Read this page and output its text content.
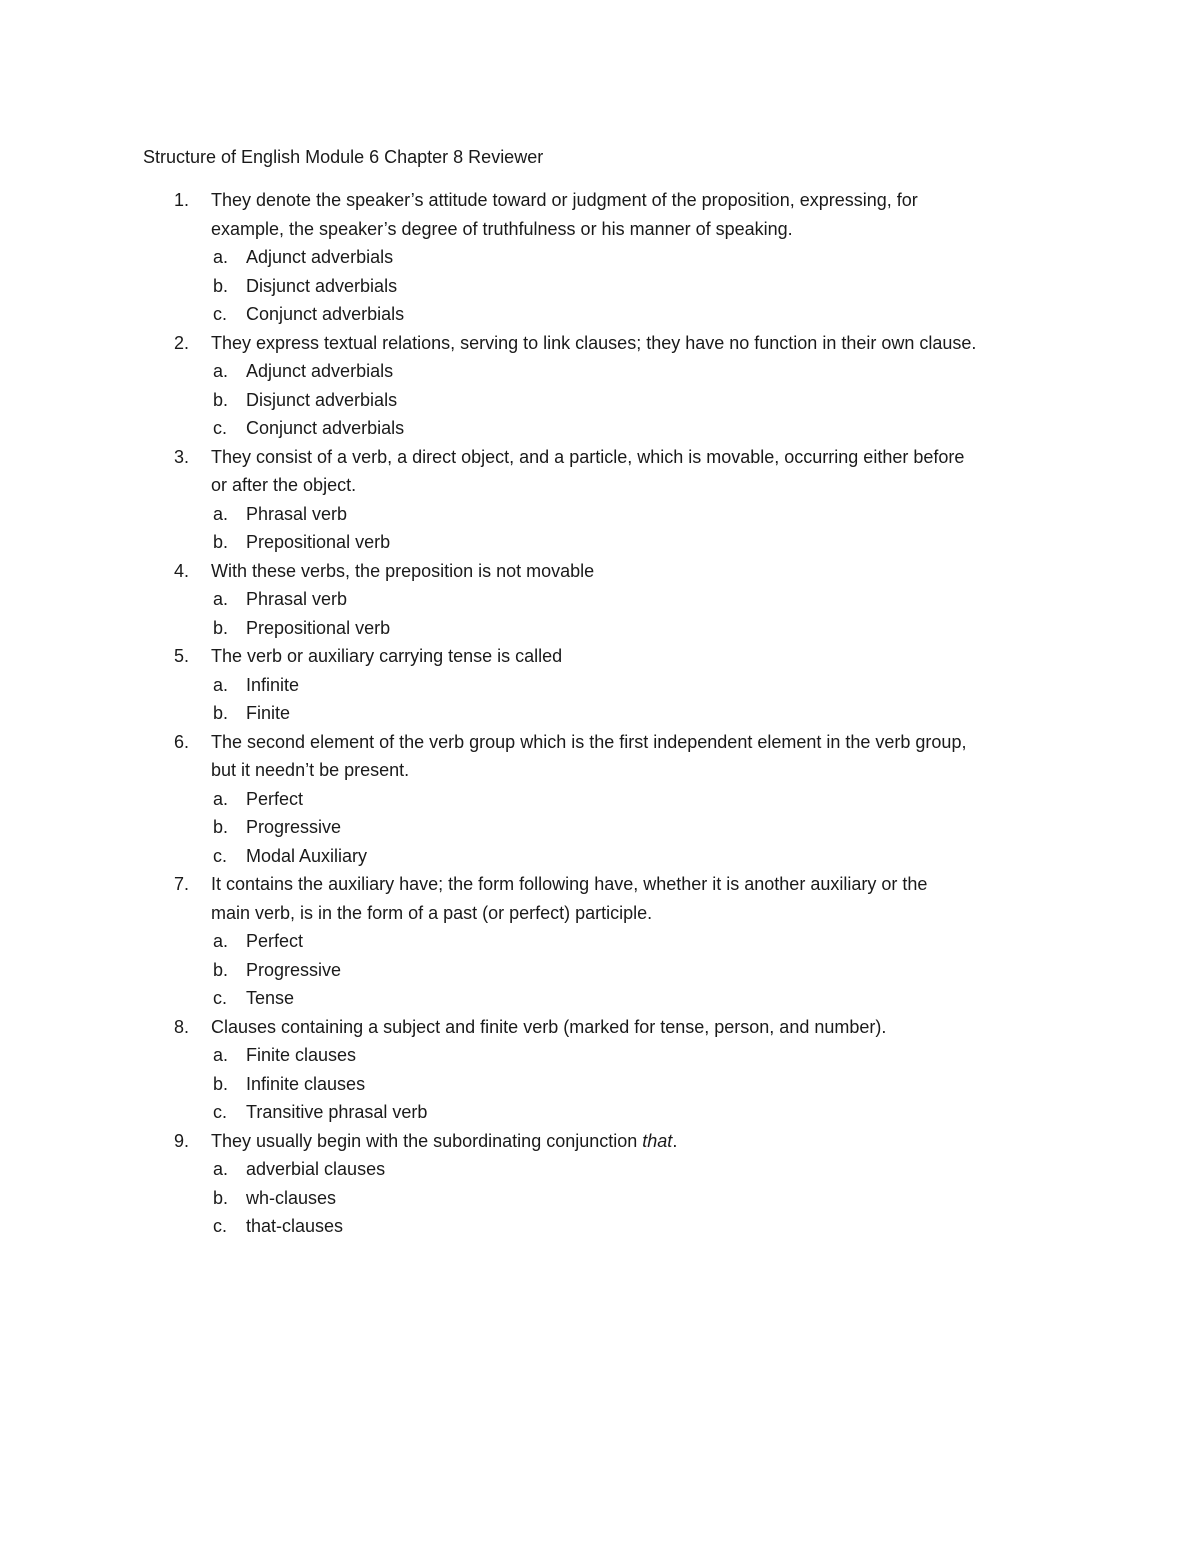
Structure of English Module 6 Chapter 8 Reviewer
1.	They denote the speaker’s attitude toward or judgment of the proposition, expressing, for
example, the speaker’s degree of truthfulness or his manner of speaking.
a. Adjunct adverbials
b. Disjunct adverbials
c.	Conjunct adverbials
2.	They express textual relations, serving to link clauses; they have no function in their own clause.
a. Adjunct adverbials
b. Disjunct adverbials
c.	Conjunct adverbials
3.	They consist of a verb, a direct object, and a particle, which is movable, occurring either before
or after the object.
a. Phrasal verb
b. Prepositional verb
4.	With these verbs, the preposition is not movable
a. Phrasal verb
b. Prepositional verb
5.	The verb or auxiliary carrying tense is called
a. Infinite
b. Finite
6.	The second element of the verb group which is the first independent element in the verb group,
but it needn’t be present.
a. Perfect
b. Progressive
c.	Modal Auxiliary
7.	It contains the auxiliary have; the form following have, whether it is another auxiliary or the
main verb, is in the form of a past (or perfect) participle.
a. Perfect
b. Progressive
c.	Tense
8.	Clauses containing a subject and finite verb (marked for tense, person, and number).
a. Finite clauses
b. Infinite clauses
c.	Transitive phrasal verb
9.	They usually begin with the subordinating conjunction that.
a. adverbial clauses
b. wh-clauses
c.	that-clauses
